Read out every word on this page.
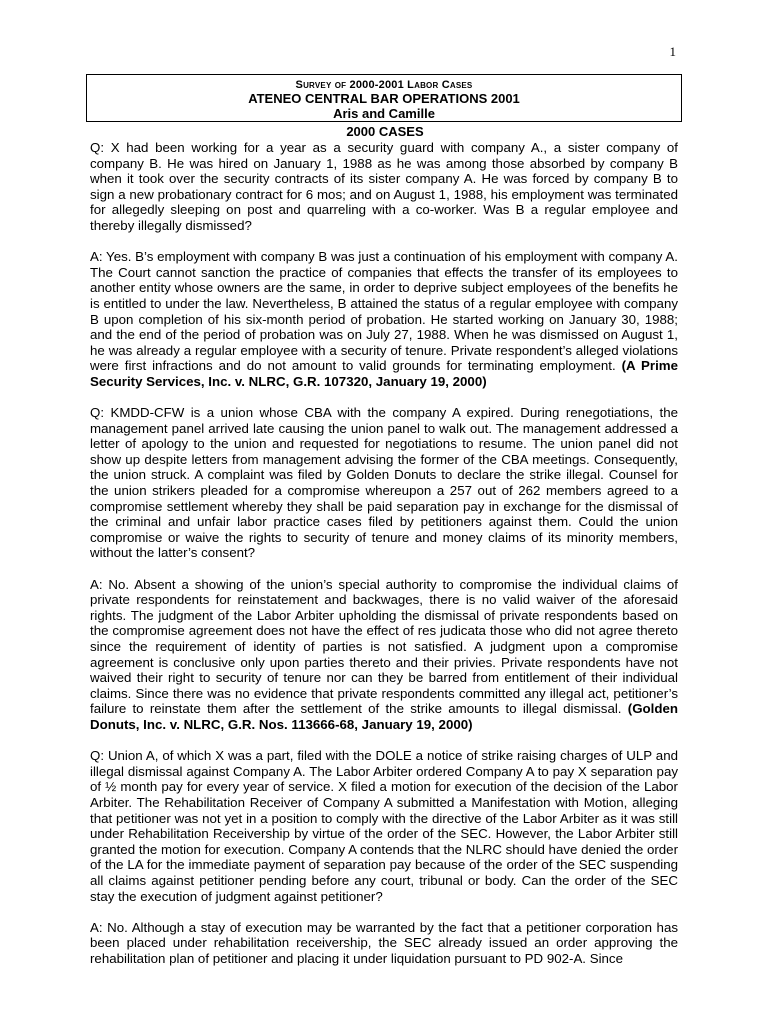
1
Survey of 2000-2001 Labor Cases
ATENEO CENTRAL BAR OPERATIONS 2001
Aris and Camille
2000 CASES

Q: X had been working for a year as a security guard with company A., a sister company of company B. He was hired on January 1, 1988 as he was among those absorbed by company B when it took over the security contracts of its sister company A. He was forced by company B to sign a new probationary contract for 6 mos; and on August 1, 1988, his employment was terminated for allegedly sleeping on post and quarreling with a co-worker. Was B a regular employee and thereby illegally dismissed?

A: Yes. B’s employment with company B was just a continuation of his employment with company A. The Court cannot sanction the practice of companies that effects the transfer of its employees to another entity whose owners are the same, in order to deprive subject employees of the benefits he is entitled to under the law. Nevertheless, B attained the status of a regular employee with company B upon completion of his six-month period of probation. He started working on January 30, 1988; and the end of the period of probation was on July 27, 1988. When he was dismissed on August 1, he was already a regular employee with a security of tenure. Private respondent’s alleged violations were first infractions and do not amount to valid grounds for terminating employment. (A Prime Security Services, Inc. v. NLRC, G.R. 107320, January 19, 2000)

Q: KMDD-CFW is a union whose CBA with the company A expired. During renegotiations, the management panel arrived late causing the union panel to walk out. The management addressed a letter of apology to the union and requested for negotiations to resume. The union panel did not show up despite letters from management advising the former of the CBA meetings. Consequently, the union struck. A complaint was filed by Golden Donuts to declare the strike illegal. Counsel for the union strikers pleaded for a compromise whereupon a 257 out of 262 members agreed to a compromise settlement whereby they shall be paid separation pay in exchange for the dismissal of the criminal and unfair labor practice cases filed by petitioners against them. Could the union compromise or waive the rights to security of tenure and money claims of its minority members, without the latter’s consent?

A: No. Absent a showing of the union’s special authority to compromise the individual claims of private respondents for reinstatement and backwages, there is no valid waiver of the aforesaid rights. The judgment of the Labor Arbiter upholding the dismissal of private respondents based on the compromise agreement does not have the effect of res judicata those who did not agree thereto since the requirement of identity of parties is not satisfied. A judgment upon a compromise agreement is conclusive only upon parties thereto and their privies. Private respondents have not waived their right to security of tenure nor can they be barred from entitlement of their individual claims. Since there was no evidence that private respondents committed any illegal act, petitioner’s failure to reinstate them after the settlement of the strike amounts to illegal dismissal. (Golden Donuts, Inc. v. NLRC, G.R. Nos. 113666-68, January 19, 2000)

Q: Union A, of which X was a part, filed with the DOLE a notice of strike raising charges of ULP and illegal dismissal against Company A. The Labor Arbiter ordered Company A to pay X separation pay of ½ month pay for every year of service. X filed a motion for execution of the decision of the Labor Arbiter. The Rehabilitation Receiver of Company A submitted a Manifestation with Motion, alleging that petitioner was not yet in a position to comply with the directive of the Labor Arbiter as it was still under Rehabilitation Receivership by virtue of the order of the SEC. However, the Labor Arbiter still granted the motion for execution. Company A contends that the NLRC should have denied the order of the LA for the immediate payment of separation pay because of the order of the SEC suspending all claims against petitioner pending before any court, tribunal or body. Can the order of the SEC stay the execution of judgment against petitioner?

A: No. Although a stay of execution may be warranted by the fact that a petitioner corporation has been placed under rehabilitation receivership, the SEC already issued an order approving the rehabilitation plan of petitioner and placing it under liquidation pursuant to PD 902-A. Since
